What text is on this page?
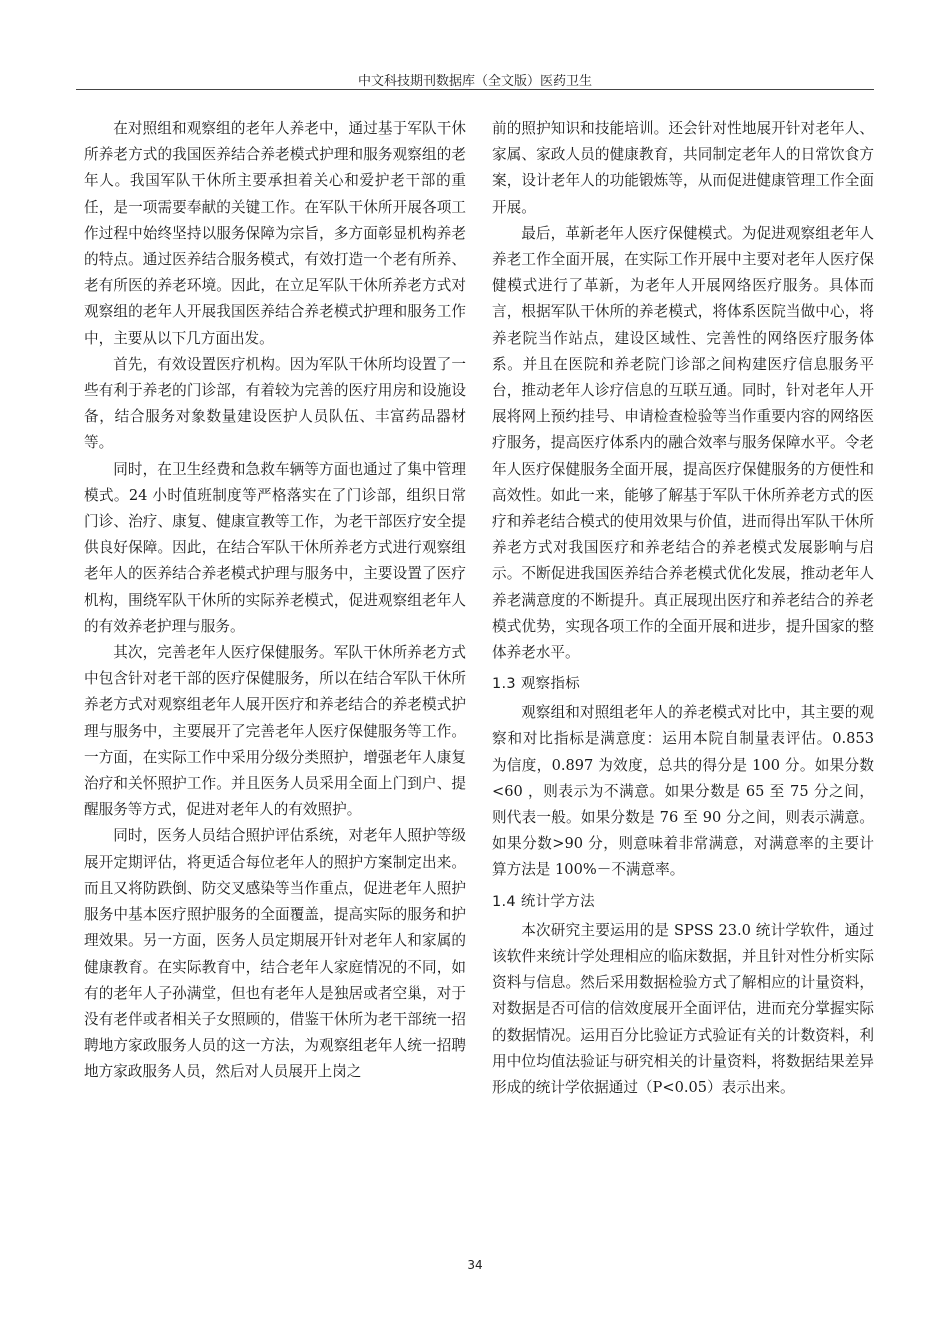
中文科技期刊数据库（全文版）医药卫生

在对照组和观察组的老年人养老中，通过基于军队干休所养老方式的我国医养结合养老模式护理和服务观察组的老年人。我国军队干休所主要承担着关心和爱护老干部的重任，是一项需要奉献的关键工作。在军队干休所开展各项工作过程中始终坚持以服务保障为宗旨，多方面彰显机构养老的特点。通过医养结合服务模式，有效打造一个老有所养、老有所医的养老环境。因此，在立足军队干休所养老方式对观察组的老年人开展我国医养结合养老模式护理和服务工作中，主要从以下几方面出发。

首先，有效设置医疗机构。因为军队干休所均设置了一些有利于养老的门诊部，有着较为完善的医疗用房和设施设备，结合服务对象数量建设医护人员队伍、丰富药品器材等。

同时，在卫生经费和急救车辆等方面也通过了集中管理模式。24 小时值班制度等严格落实在了门诊部，组织日常门诊、治疗、康复、健康宣教等工作，为老干部医疗安全提供良好保障。因此，在结合军队干休所养老方式进行观察组老年人的医养结合养老模式护理与服务中，主要设置了医疗机构，围绕军队干休所的实际养老模式，促进观察组老年人的有效养老护理与服务。

其次，完善老年人医疗保健服务。军队干休所养老方式中包含针对老干部的医疗保健服务，所以在结合军队干休所养老方式对观察组老年人展开医疗和养老结合的养老模式护理与服务中，主要展开了完善老年人医疗保健服务等工作。一方面，在实际工作中采用分级分类照护，增强老年人康复治疗和关怀照护工作。并且医务人员采用全面上门到户、提醒服务等方式，促进对老年人的有效照护。

同时，医务人员结合照护评估系统，对老年人照护等级展开定期评估，将更适合每位老年人的照护方案制定出来。而且又将防跌倒、防交叉感染等当作重点，促进老年人照护服务中基本医疗照护服务的全面覆盖，提高实际的服务和护理效果。另一方面，医务人员定期展开针对老年人和家属的健康教育。在实际教育中，结合老年人家庭情况的不同，如有的老年人子孙满堂，但也有老年人是独居或者空巢，对于没有老伴或者相关子女照顾的，借鉴干休所为老干部统一招聘地方家政服务人员的这一方法，为观察组老年人统一招聘地方家政服务人员，然后对人员展开上岗之

前的照护知识和技能培训。还会针对性地展开针对老年人、家属、家政人员的健康教育，共同制定老年人的日常饮食方案，设计老年人的功能锻炼等，从而促进健康管理工作全面开展。

最后，革新老年人医疗保健模式。为促进观察组老年人养老工作全面开展，在实际工作开展中主要对老年人医疗保健模式进行了革新，为老年人开展网络医疗服务。具体而言，根据军队干休所的养老模式，将体系医院当做中心，将养老院当作站点，建设区域性、完善性的网络医疗服务体系。并且在医院和养老院门诊部之间构建医疗信息服务平台，推动老年人诊疗信息的互联互通。同时，针对老年人开展将网上预约挂号、申请检查检验等当作重要内容的网络医疗服务，提高医疗体系内的融合效率与服务保障水平。令老年人医疗保健服务全面开展，提高医疗保健服务的方便性和高效性。如此一来，能够了解基于军队干休所养老方式的医疗和养老结合模式的使用效果与价值，进而得出军队干休所养老方式对我国医疗和养老结合的养老模式发展影响与启示。不断促进我国医养结合养老模式优化发展，推动老年人养老满意度的不断提升。真正展现出医疗和养老结合的养老模式优势，实现各项工作的全面开展和进步，提升国家的整体养老水平。

1.3 观察指标

观察组和对照组老年人的养老模式对比中，其主要的观察和对比指标是满意度：运用本院自制量表评估。0.853 为信度，0.897 为效度，总共的得分是 100 分。如果分数<60 ，则表示为不满意。如果分数是 65 至 75 分之间，则代表一般。如果分数是 76 至 90 分之间，则表示满意。如果分数>90 分，则意味着非常满意，对满意率的主要计算方法是 100%－不满意率。

1.4 统计学方法

本次研究主要运用的是 SPSS 23.0 统计学软件，通过该软件来统计学处理相应的临床数据，并且针对性分析实际资料与信息。然后采用数据检验方式了解相应的计量资料，对数据是否可信的信效度展开全面评估，进而充分掌握实际的数据情况。运用百分比验证方式验证有关的计数资料，利用中位均值法验证与研究相关的计量资料，将数据结果差异形成的统计学依据通过（P<0.05）表示出来。

34
